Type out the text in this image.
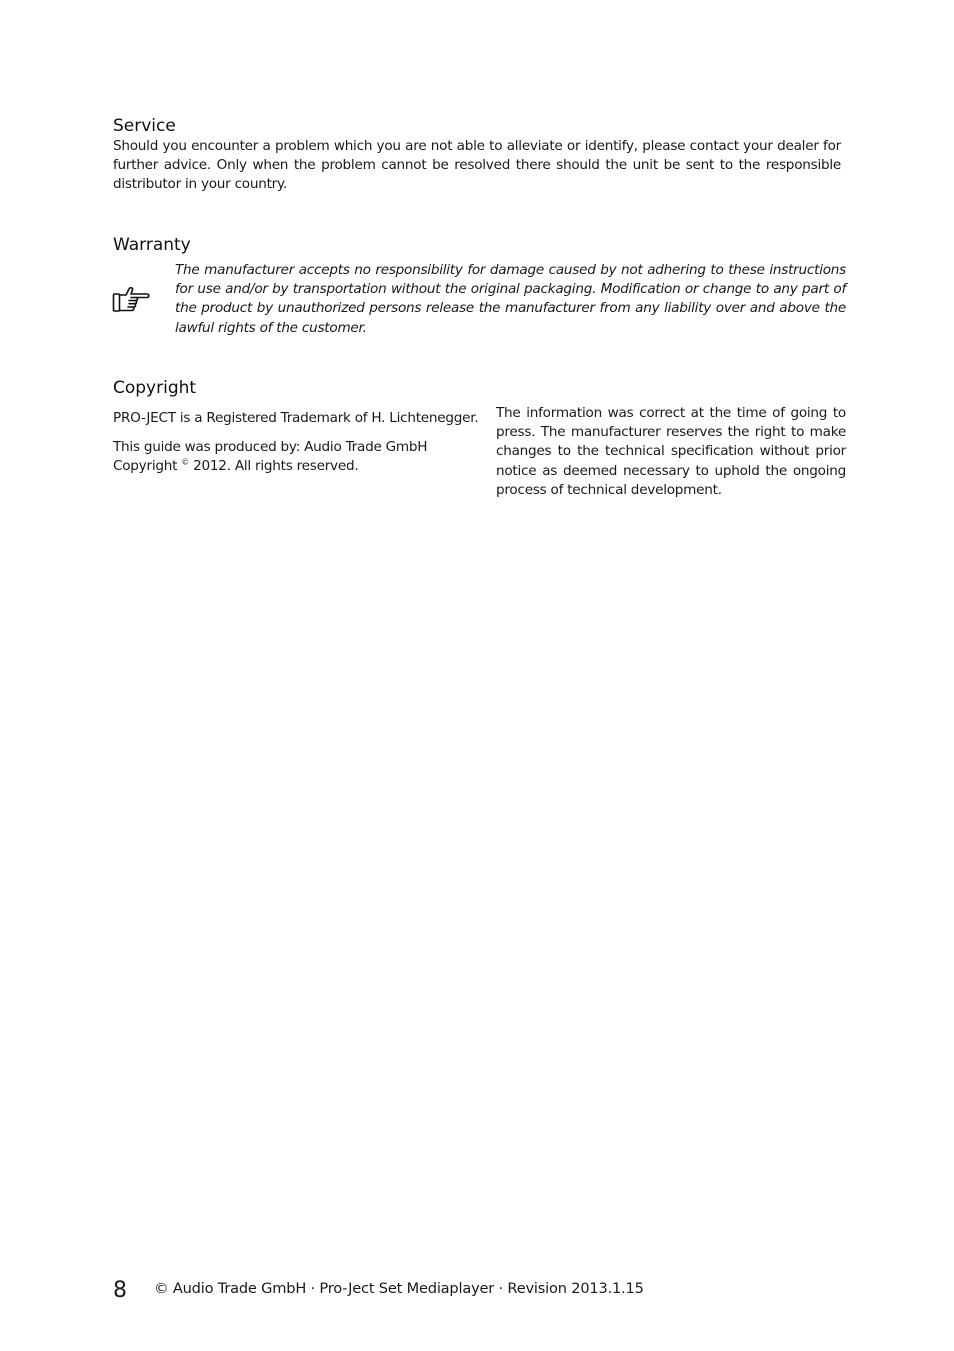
Service

Should you encounter a problem which you are not able to alleviate or identify, please contact your dealer for further advice. Only when the problem cannot be resolved there should the unit be sent to the responsible distributor in your country.

Warranty

The manufacturer accepts no responsibility for damage caused by not adhering to these instructions for use and/or by transportation without the original packaging. Modification or change to any part of the product by unauthorized persons release the manufacturer from any liability over and above the lawful rights of the customer.

Copyright

PRO-JECT is a Registered Trademark of H. Lichtenegger.

This guide was produced by: Audio Trade GmbH
Copyright © 2012. All rights reserved.

The information was correct at the time of going to press. The manufacturer reserves the right to make changes to the technical specification without prior notice as deemed necessary to uphold the ongoing process of technical development.

8 © Audio Trade GmbH · Pro-Ject Set Mediaplayer · Revision 2013.1.15
